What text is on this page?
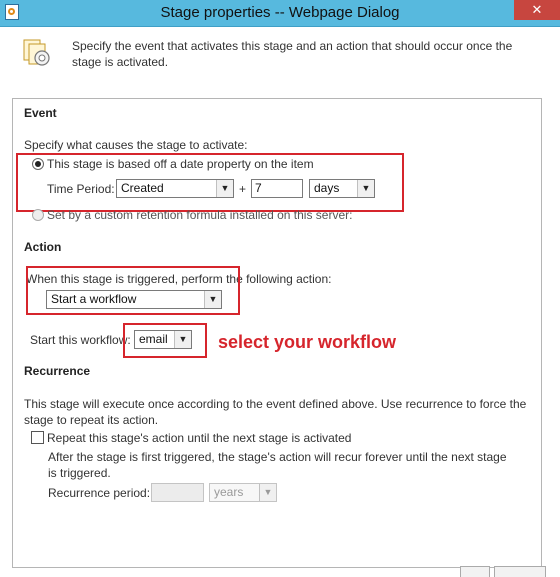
Stage properties -- Webpage Dialog	✕
Specify the event that activates this stage and an action that should occur once the stage is activated.
Event
Specify what causes the stage to activate:
This stage is based off a date property on the item
Time Period: Created	▼ + 7	days	▼
Set by a custom retention formula installed on this server:
Action
When this stage is triggered, perform the following action:
Start a workflow	▼
Start this workflow: email	▼ select your workflow
Recurrence
This stage will execute once according to the event defined above. Use recurrence to force the
stage to repeat its action.
Repeat this stage's action until the next stage is activated
After the stage is first triggered, the stage's action will recur forever until the next stage
is triggered.
Recurrence period:	years	▼
